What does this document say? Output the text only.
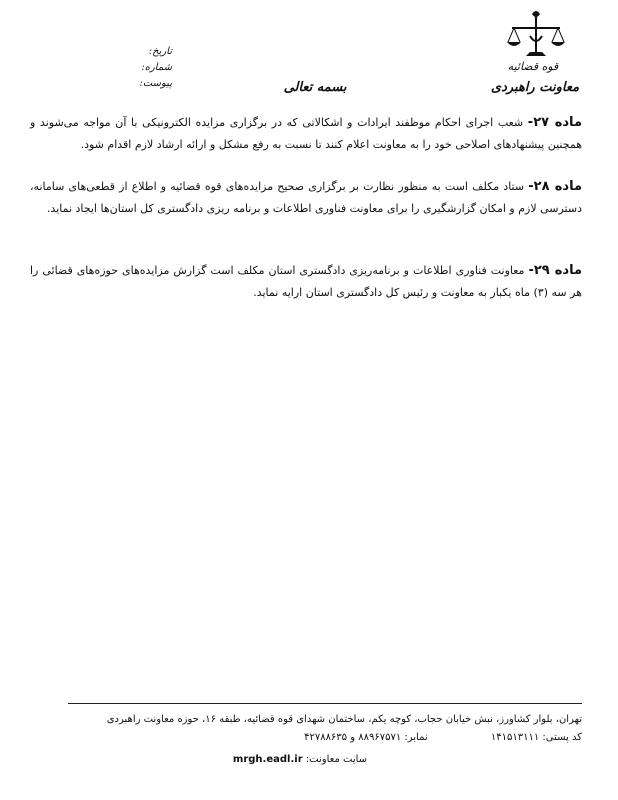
قوه قضائیه
معاونت راهبردی
بسمه تعالی
تاریخ:
شماره:
پیوست:
ماده ۲۷- شعب اجرای احکام موظفند ایرادات و اشکالاتی که در برگزاری مزایده الکترونیکی با آن مواجه می‌شوند و همچنین پیشنهادهای اصلاحی خود را به معاونت اعلام کنند تا نسبت به رفع مشکل و ارائه ارشاد لازم اقدام شود.
ماده ۲۸- ستاد مکلف است به منظور نظارت بر برگزاری صحیح مزایده‌های قوه قضائیه و اطلاع از قطعی‌های سامانه، دسترسی لازم و امکان گزارشگیری را برای معاونت فناوری اطلاعات و برنامه ریزی دادگستری کل استان‌ها ایجاد نماید.
ماده ۲۹- معاونت فناوری اطلاعات و برنامه‌ریزی دادگستری استان مکلف است گزارش مزایده‌های حوزه‌های قضائی را هر سه (۳) ماه یکبار به معاونت و رئیس کل دادگستری استان ارایه نماید.
تهران، بلوار کشاورز، نبش خیابان حجاب، کوچه یکم، ساختمان شهدای قوه قضائیه، طبقه ۱۶، حوزه معاونت راهبردی
کد پستی: ۱۴۱۵۱۳۱۱۱ نمابر: ۸۸۹۶۷۵۷۱ و ۴۲۷۸۸۶۳۵
سایت معاونت: mrgh.eadl.ir
